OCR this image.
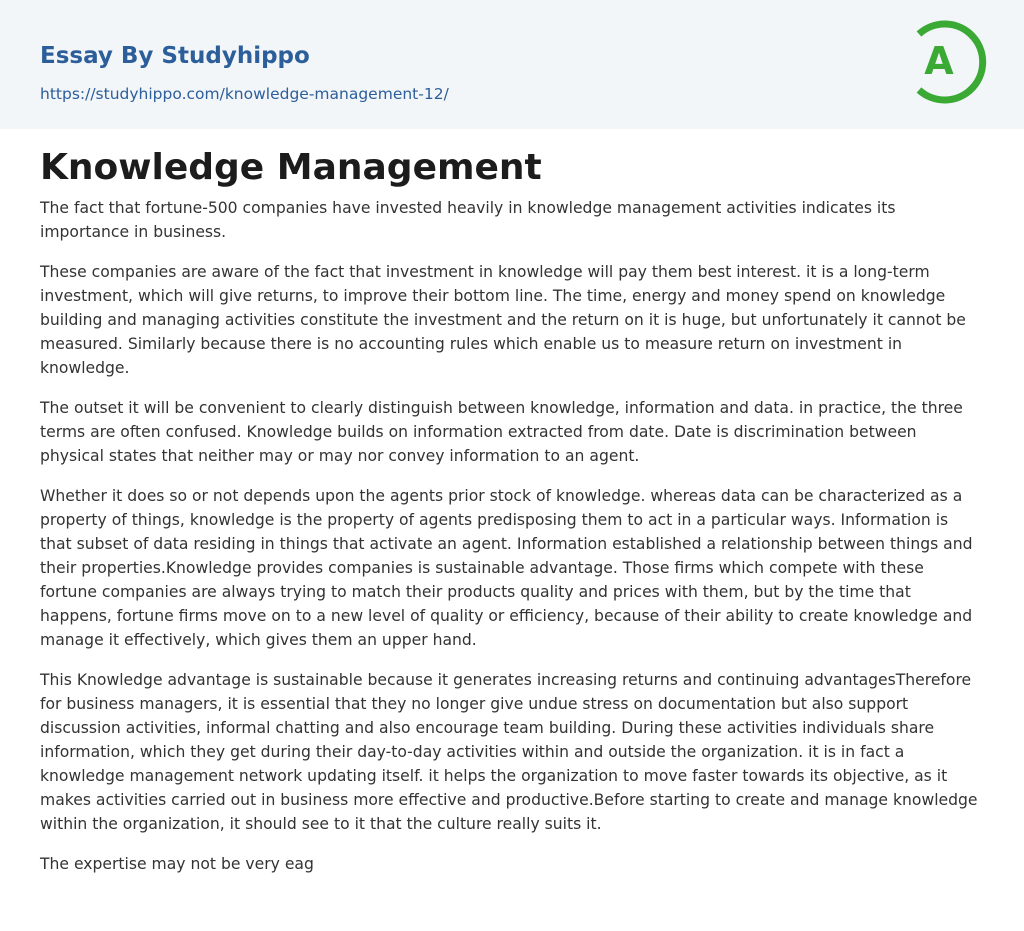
Essay By Studyhippo
https://studyhippo.com/knowledge-management-12/
A
Knowledge Management

The fact that fortune-500 companies have invested heavily in knowledge management activities indicates its importance in business.

These companies are aware of the fact that investment in knowledge will pay them best interest. it is a long-term investment, which will give returns, to improve their bottom line. The time, energy and money spend on knowledge building and managing activities constitute the investment and the return on it is huge, but unfortunately it cannot be measured. Similarly because there is no accounting rules which enable us to measure return on investment in knowledge.

The outset it will be convenient to clearly distinguish between knowledge, information and data. in practice, the three terms are often confused. Knowledge builds on information extracted from date. Date is discrimination between physical states that neither may or may nor convey information to an agent.

Whether it does so or not depends upon the agents prior stock of knowledge. whereas data can be characterized as a property of things, knowledge is the property of agents predisposing them to act in a particular ways. Information is that subset of data residing in things that activate an agent. Information established a relationship between things and their properties.Knowledge provides companies is sustainable advantage. Those firms which compete with these fortune companies are always trying to match their products quality and prices with them, but by the time that happens, fortune firms move on to a new level of quality or efficiency, because of their ability to create knowledge and manage it effectively, which gives them an upper hand.

This Knowledge advantage is sustainable because it generates increasing returns and continuing advantagesTherefore for business managers, it is essential that they no longer give undue stress on documentation but also support discussion activities, informal chatting and also encourage team building. During these activities individuals share information, which they get during their day-to-day activities within and outside the organization. it is in fact a knowledge management network updating itself. it helps the organization to move faster towards its objective, as it makes activities carried out in business more effective and productive.Before starting to create and manage knowledge within the organization, it should see to it that the culture really suits it.

The expertise may not be very eag
